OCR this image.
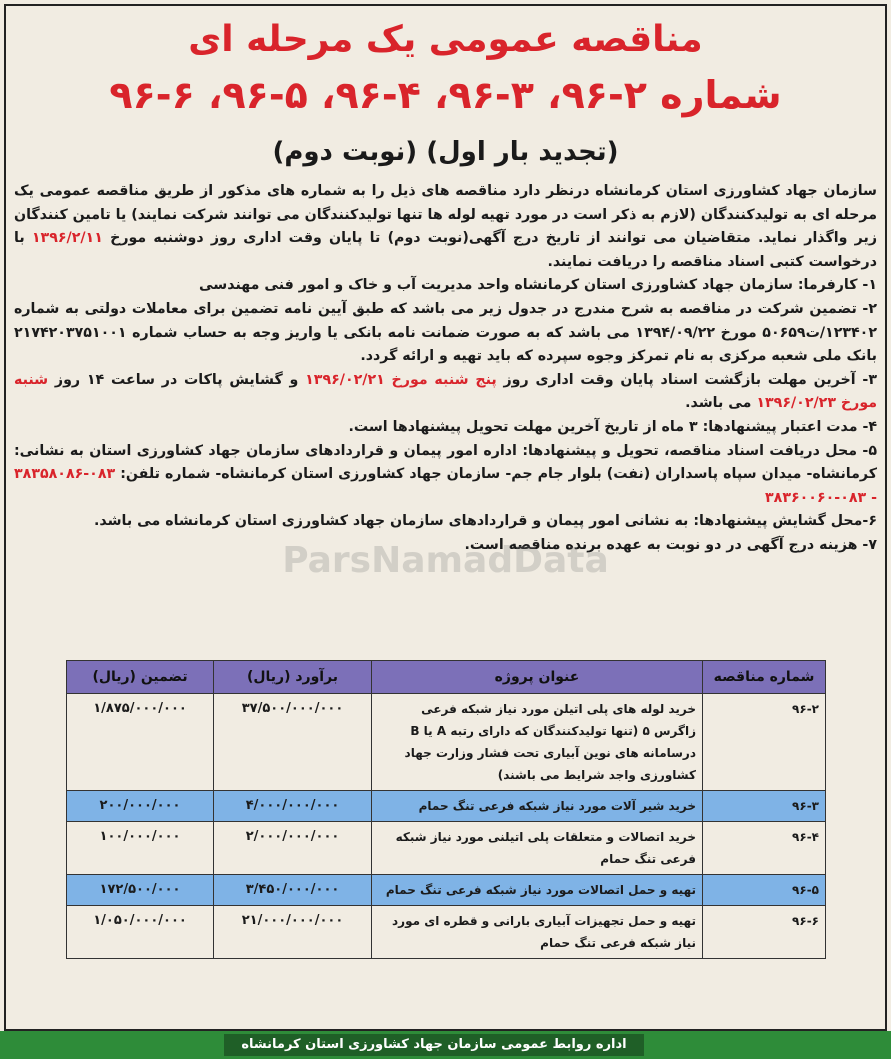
مناقصه عمومی یک مرحله ای
شماره ۲-۹۶، ۳-۹۶، ۴-۹۶، ۵-۹۶، ۶-۹۶
(تجدید بار اول) (نوبت دوم)

سازمان جهاد کشاورزی استان کرمانشاه درنظر دارد مناقصه های ذیل را به شماره های مذکور از طریق مناقصه عمومی یک مرحله ای به تولیدکنندگان (لازم به ذکر است در مورد تهیه لوله ها تنها تولیدکنندگان می توانند شرکت نمایند) یا تامین کنندگان زیر واگذار نماید. متقاضیان می توانند از تاریخ درج آگهی(نوبت دوم) تا پایان وقت اداری روز دوشنبه مورخ ۱۳۹۶/۲/۱۱ با درخواست کتبی اسناد مناقصه را دریافت نمایند.

۱- کارفرما: سازمان جهاد کشاورزی استان کرمانشاه واحد مدیریت آب و خاک و امور فنی مهندسی

۲- تضمین شرکت در مناقصه به شرح مندرج در جدول زیر می باشد که طبق آیین نامه تضمین برای معاملات دولتی به شماره ۱۲۳۴۰۲/ت۵۰۶۵۹ مورخ ۱۳۹۴/۰۹/۲۲ می باشد که به صورت ضمانت نامه بانکی یا واریز وجه به حساب شماره ۲۱۷۴۲۰۳۷۵۱۰۰۱ بانک ملی شعبه مرکزی به نام تمرکز وجوه سپرده که باید تهیه و ارائه گردد.

۳- آخرین مهلت بازگشت اسناد پایان وقت اداری روز پنج شنبه مورخ ۱۳۹۶/۰۲/۲۱ و گشایش پاکات در ساعت ۱۴ روز شنبه مورخ ۱۳۹۶/۰۲/۲۳ می باشد.

۴- مدت اعتبار پیشنهادها: ۳ ماه از تاریخ آخرین مهلت تحویل پیشنهادها است.

۵- محل دریافت اسناد مناقصه، تحویل و پیشنهادها: اداره امور پیمان و قراردادهای سازمان جهاد کشاورزی استان به نشانی: کرمانشاه- میدان سپاه پاسداران (نفت) بلوار جام جم- سازمان جهاد کشاورزی استان کرمانشاه- شماره تلفن: ۰۸۳-۳۸۳۵۸۰۸۶ - ۰۸۳-۳۸۳۶۰۰۶۰

۶-محل گشایش پیشنهادها: به نشانی امور پیمان و قراردادهای سازمان جهاد کشاورزی استان کرمانشاه می باشد.

۷- هزینه درج آگهی در دو نوبت به عهده برنده مناقصه است.

ParsNamadData
شماره مناقصه	عنوان پروژه	برآورد (ریال)	تضمین (ریال)
۹۶-۲	خرید لوله های پلی اتیلن مورد نیاز شبکه فرعی زاگرس ۵ (تنها تولیدکنندگان که دارای رتبه A یا B درسامانه های نوین آبیاری تحت فشار وزارت جهاد کشاورزی واجد شرایط می باشند)	۳۷/۵۰۰/۰۰۰/۰۰۰	۱/۸۷۵/۰۰۰/۰۰۰
۹۶-۳	خرید شیر آلات مورد نیاز شبکه فرعی تنگ حمام	۴/۰۰۰/۰۰۰/۰۰۰	۲۰۰/۰۰۰/۰۰۰
۹۶-۴	خرید اتصالات و متعلقات پلی اتیلنی مورد نیاز شبکه فرعی تنگ حمام	۲/۰۰۰/۰۰۰/۰۰۰	۱۰۰/۰۰۰/۰۰۰
۹۶-۵	تهیه و حمل اتصالات مورد نیاز شبکه فرعی تنگ حمام	۳/۴۵۰/۰۰۰/۰۰۰	۱۷۲/۵۰۰/۰۰۰
۹۶-۶	تهیه و حمل تجهیزات آبیاری بارانی و قطره ای مورد نیاز شبکه فرعی تنگ حمام	۲۱/۰۰۰/۰۰۰/۰۰۰	۱/۰۵۰/۰۰۰/۰۰۰
اداره روابط عمومی سازمان جهاد کشاورزی استان کرمانشاه
